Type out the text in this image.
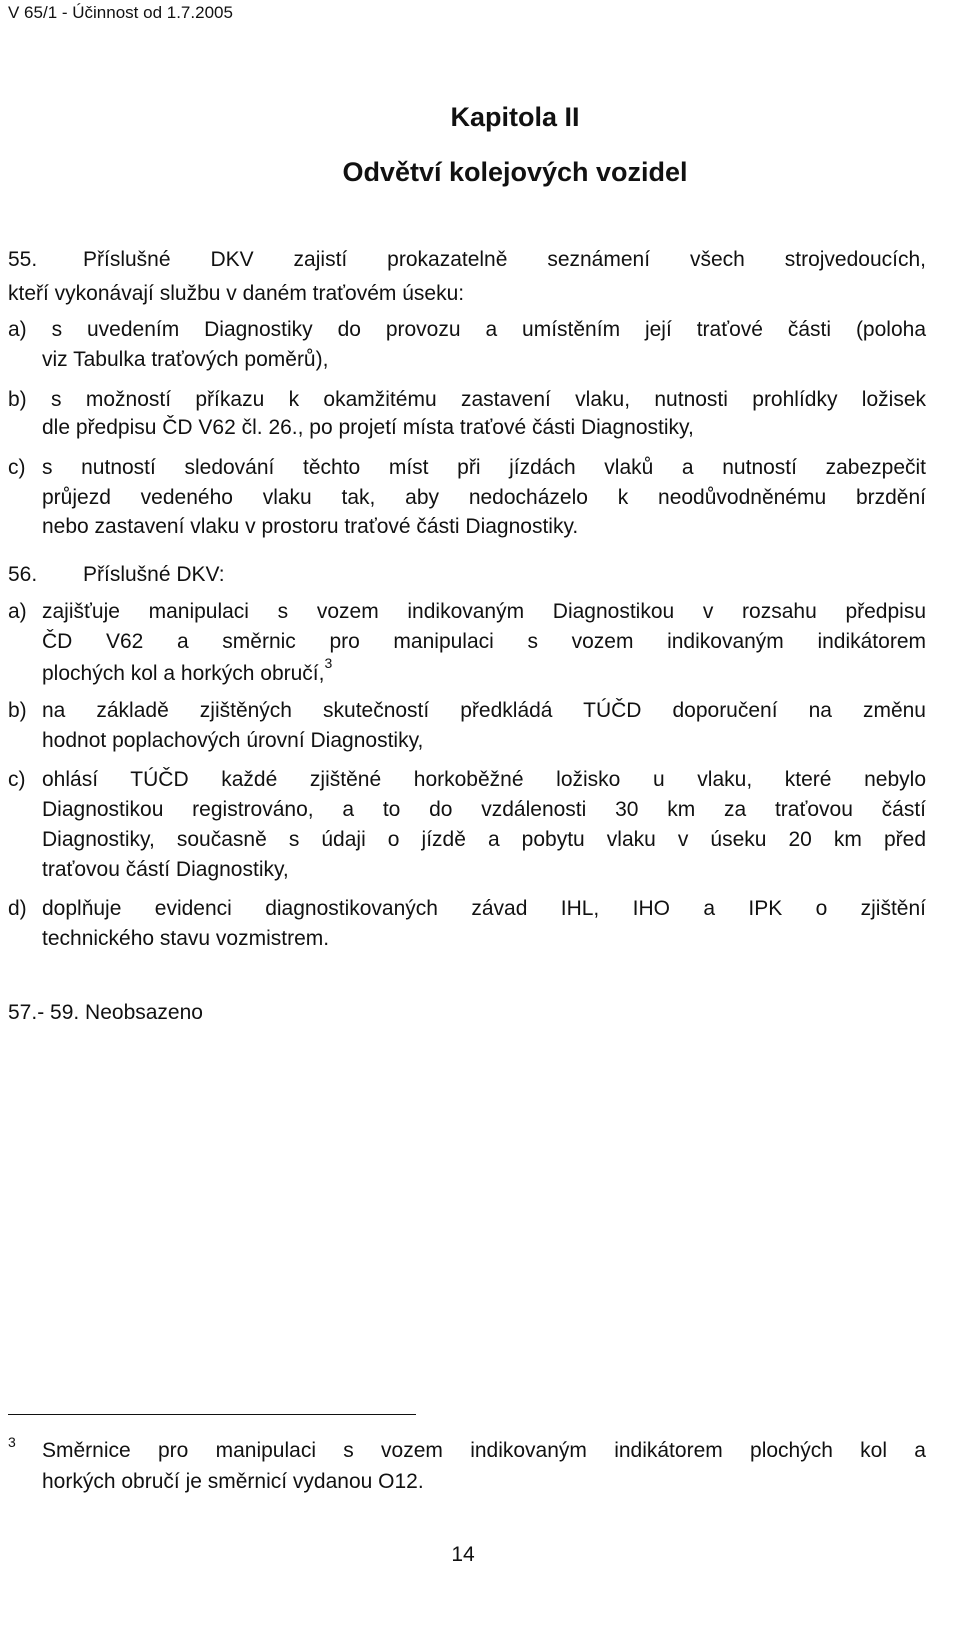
V 65/1 - Účinnost od 1.7.2005
Kapitola II
Odvětví kolejových vozidel
55. Příslušné DKV zajistí prokazatelně seznámení všech strojvedoucích,
kteří vykonávají službu v daném traťovém úseku:
a) s uvedením Diagnostiky do provozu a umístěním její traťové části (poloha
viz Tabulka traťových poměrů),
b) s možností příkazu k okamžitému zastavení vlaku, nutnosti prohlídky ložisek
dle předpisu ČD V62 čl. 26., po projetí místa traťové části Diagnostiky,
c) s nutností sledování těchto míst při jízdách vlaků a nutností zabezpečit
průjezd vedeného vlaku tak, aby nedocházelo k neodůvodněnému brzdění
nebo zastavení vlaku v prostoru traťové části Diagnostiky.
56. Příslušné DKV:
a) zajišťuje manipulaci s vozem indikovaným Diagnostikou v rozsahu předpisu
ČD V62 a směrnic pro manipulaci s vozem indikovaným indikátorem
plochých kol a horkých obručí,$^3$
b) na základě zjištěných skutečností předkládá TÚČD doporučení na změnu
hodnot poplachových úrovní Diagnostiky,
c) ohlásí TÚČD každé zjištěné horkoběžné ložisko u vlaku, které nebylo
Diagnostikou registrováno, a to do vzdálenosti 30 km za traťovou částí
Diagnostiky, současně s údaji o jízdě a pobytu vlaku v úseku 20 km před
traťovou částí Diagnostiky,
d) doplňuje evidenci diagnostikovaných závad IHL, IHO a IPK o zjištění
technického stavu vozmistrem.
57.- 59. Neobsazeno
3 Směrnice pro manipulaci s vozem indikovaným indikátorem plochých kol a
horkých obručí je směrnicí vydanou O12.
14
